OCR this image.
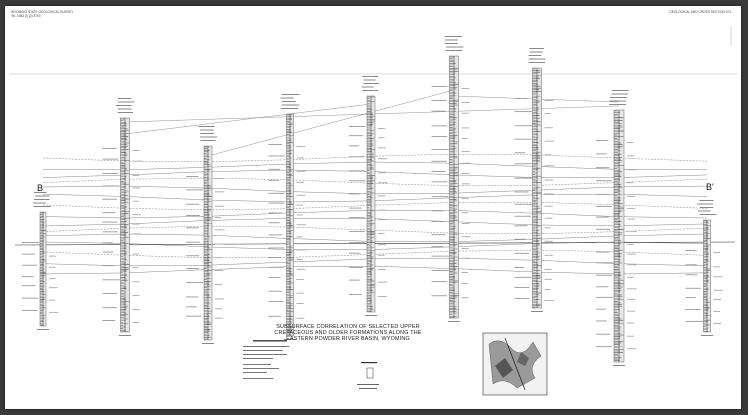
WYOMING STATE GEOLOGICAL SURVEY
Tel. 1983 (I) (2) 3700
GEOLOGICAL AND CROSS SECTION 101
B	B'
SUBSURFACE CORRELATION OF SELECTED UPPER
CRETACEOUS AND OLDER FORMATIONS ALONG THE
EASTERN POWDER RIVER BASIN, WYOMING
